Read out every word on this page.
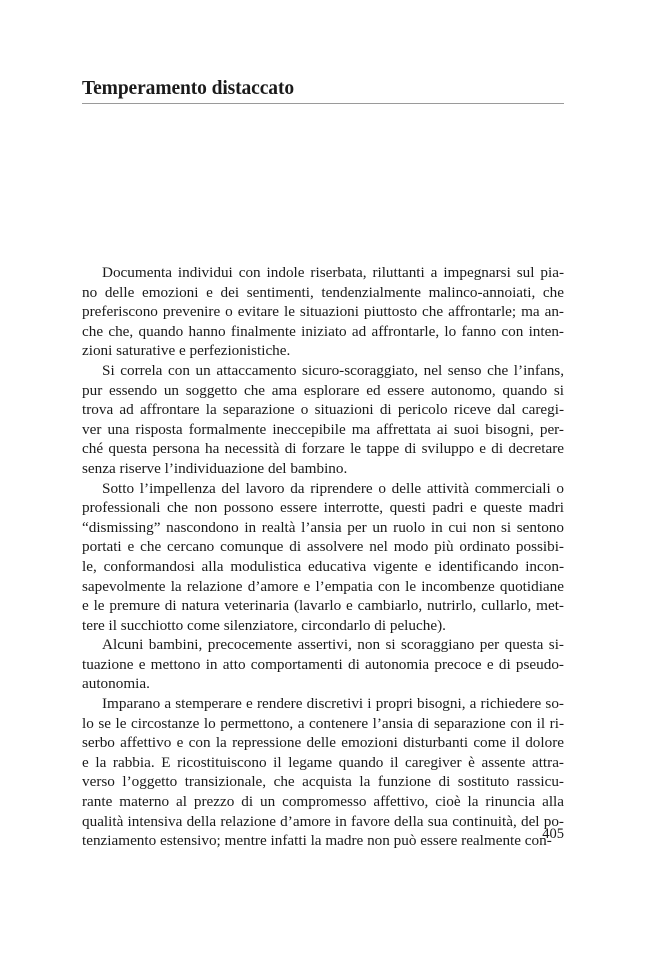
Temperamento distaccato
Documenta individui con indole riserbata, riluttanti a impegnarsi sul pia-
no delle emozioni e dei sentimenti, tendenzialmente malinco-annoiati, che
preferiscono prevenire o evitare le situazioni piuttosto che affrontarle; ma an-
che che, quando hanno finalmente iniziato ad affrontarle, lo fanno con inten-
zioni saturative e perfezionistiche.
Si correla con un attaccamento sicuro-scoraggiato, nel senso che l’infans,
pur essendo un soggetto che ama esplorare ed essere autonomo, quando si
trova ad affrontare la separazione o situazioni di pericolo riceve dal caregi-
ver una risposta formalmente ineccepibile ma affrettata ai suoi bisogni, per-
ché questa persona ha necessità di forzare le tappe di sviluppo e di decretare
senza riserve l’individuazione del bambino.
Sotto l’impellenza del lavoro da riprendere o delle attività commerciali o
professionali che non possono essere interrotte, questi padri e queste madri
“dismissing” nascondono in realtà l’ansia per un ruolo in cui non si sentono
portati e che cercano comunque di assolvere nel modo più ordinato possibi-
le, conformandosi alla modulistica educativa vigente e identificando incon-
sapevolmente la relazione d’amore e l’empatia con le incombenze quotidiane
e le premure di natura veterinaria (lavarlo e cambiarlo, nutrirlo, cullarlo, met-
tere il succhiotto come silenziatore, circondarlo di peluche).
Alcuni bambini, precocemente assertivi, non si scoraggiano per questa si-
tuazione e mettono in atto comportamenti di autonomia precoce e di pseudo-
autonomia.
Imparano a stemperare e rendere discretivi i propri bisogni, a richiedere so-
lo se le circostanze lo permettono, a contenere l’ansia di separazione con il ri-
serbo affettivo e con la repressione delle emozioni disturbanti come il dolore
e la rabbia. E ricostituiscono il legame quando il caregiver è assente attra-
verso l’oggetto transizionale, che acquista la funzione di sostituto rassicu-
rante materno al prezzo di un compromesso affettivo, cioè la rinuncia alla
qualità intensiva della relazione d’amore in favore della sua continuità, del po-
tenziamento estensivo; mentre infatti la madre non può essere realmente con-
405
